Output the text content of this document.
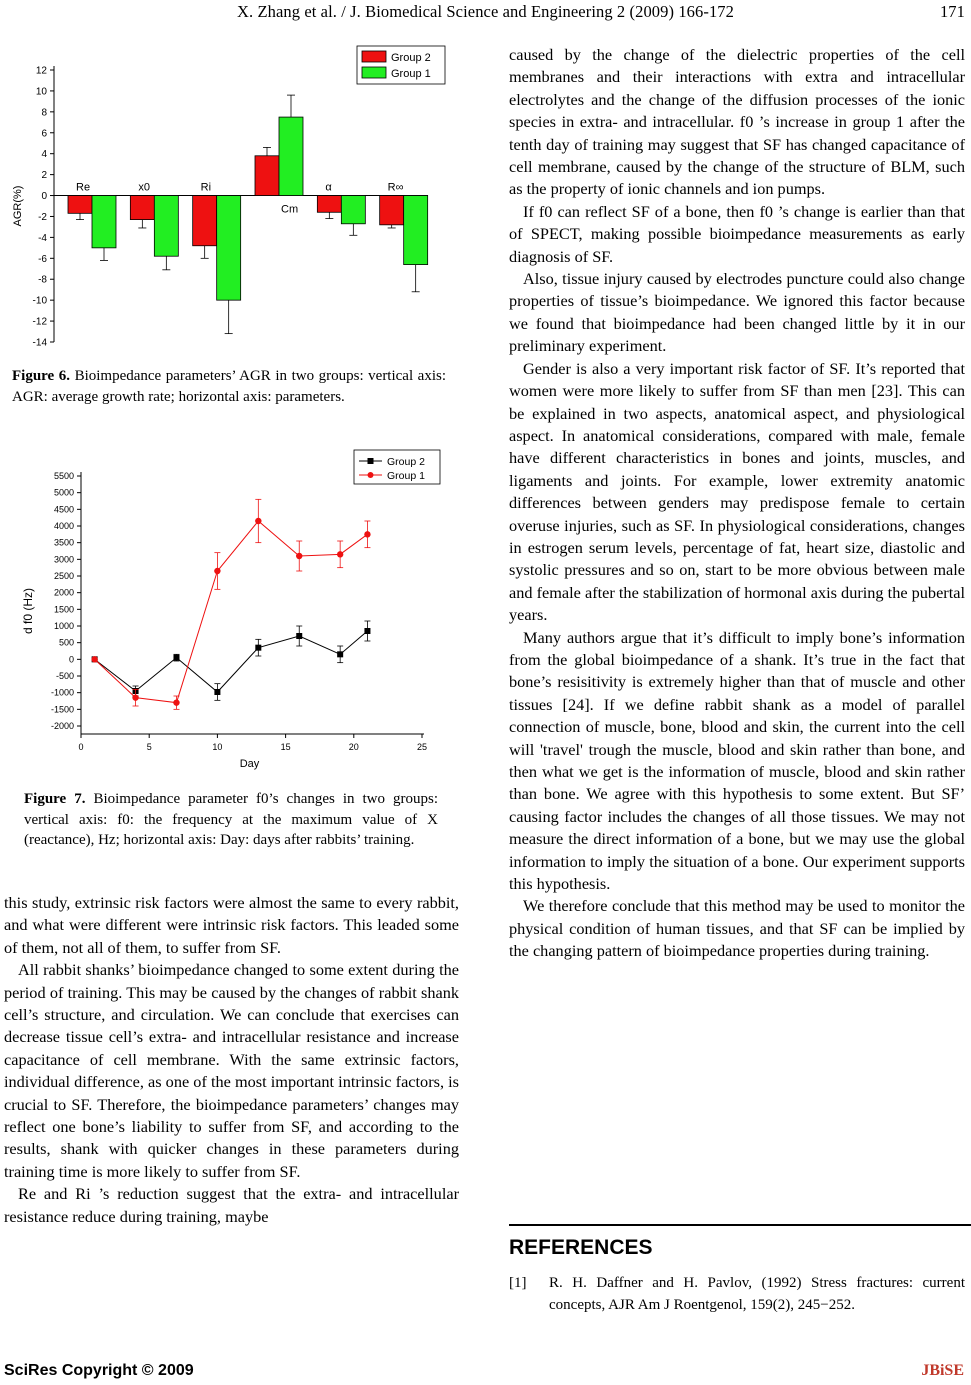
X. Zhang et al. / J. Biomedical Science and Engineering 2 (2009) 166-172	171
12
10
8
6
4
2
0
-2
-4
-6
-8
-10
-12
-14
AGR(%)	Re	x0	Ri
Cm
α	R∞
Group 2
Group 1
Figure 6. Bioimpedance parameters’ AGR in two groups: vertical axis: AGR: average growth rate; horizontal axis: parameters.
5500
5000
4500
4000
3500
3000
2500
2000
1500
1000
500
0
-500
-1000
-1500
-2000
0	5	10	15	20	25
Day
d f0 (Hz)
Group 2
Group 1
Figure 7. Bioimpedance parameter f0’s changes in two groups: vertical axis: f0: the frequency at the maximum value of X (reactance), Hz; horizontal axis: Day: days after rabbits’ training.

this study, extrinsic risk factors were almost the same to every rabbit, and what were different were intrinsic risk factors. This leaded some of them, not all of them, to suffer from SF.

All rabbit shanks’ bioimpedance changed to some extent during the period of training. This may be caused by the changes of rabbit shank cell’s structure, and circulation. We can conclude that exercises can decrease tissue cell’s extra- and intracellular resistance and increase capacitance of cell membrane. With the same extrinsic factors, individual difference, as one of the most important intrinsic factors, is crucial to SF. Therefore, the bioimpedance parameters’ changes may reflect one bone’s liability to suffer from SF, and according to the results, shank with quicker changes in these parameters during training time is more likely to suffer from SF.

Re and Ri ’s reduction suggest that the extra- and intracellular resistance reduce during training, maybe

caused by the change of the dielectric properties of the cell membranes and their interactions with extra and intracellular electrolytes and the change of the diffusion processes of the ionic species in extra- and intracellular. f0 ’s increase in group 1 after the tenth day of training may suggest that SF has changed capacitance of cell membrane, caused by the change of the structure of BLM, such as the property of ionic channels and ion pumps.

If f0 can reflect SF of a bone, then f0 ’s change is earlier than that of SPECT, making possible bioimpedance measurements as early diagnosis of SF.

Also, tissue injury caused by electrodes puncture could also change properties of tissue’s bioimpedance. We ignored this factor because we found that bioimpedance had been changed little by it in our preliminary experiment.

Gender is also a very important risk factor of SF. It’s reported that women were more likely to suffer from SF than men [23]. This can be explained in two aspects, anatomical aspect, and physiological aspect. In anatomical considerations, compared with male, female have different characteristics in bones and joints, muscles, and ligaments and joints. For example, lower extremity anatomic differences between genders may predispose female to certain overuse injuries, such as SF. In physiological considerations, changes in estrogen serum levels, percentage of fat, heart size, diastolic and systolic pressures and so on, start to be more obvious between male and female after the stabilization of hormonal axis during the pubertal years.

Many authors argue that it’s difficult to imply bone’s information from the global bioimpedance of a shank. It’s true in the fact that bone’s resisitivity is extremely higher than that of muscle and other tissues [24]. If we define rabbit shank as a model of parallel connection of muscle, bone, blood and skin, the current into the cell will 'travel' trough the muscle, blood and skin rather than bone, and then what we get is the information of muscle, blood and skin rather than bone. We agree with this hypothesis to some extent. But SF’ causing factor includes the changes of all those tissues. We may not measure the direct information of a bone, but we may use the global information to imply the situation of a bone. Our experiment supports this hypothesis.

We therefore conclude that this method may be used to monitor the physical condition of human tissues, and that SF can be implied by the changing pattern of bioimpedance properties during training.

REFERENCES
[1] R. H. Daffner and H. Pavlov, (1992) Stress fractures: current concepts, AJR Am J Roentgenol, 159(2), 245−252.
SciRes Copyright © 2009	JBiSE
